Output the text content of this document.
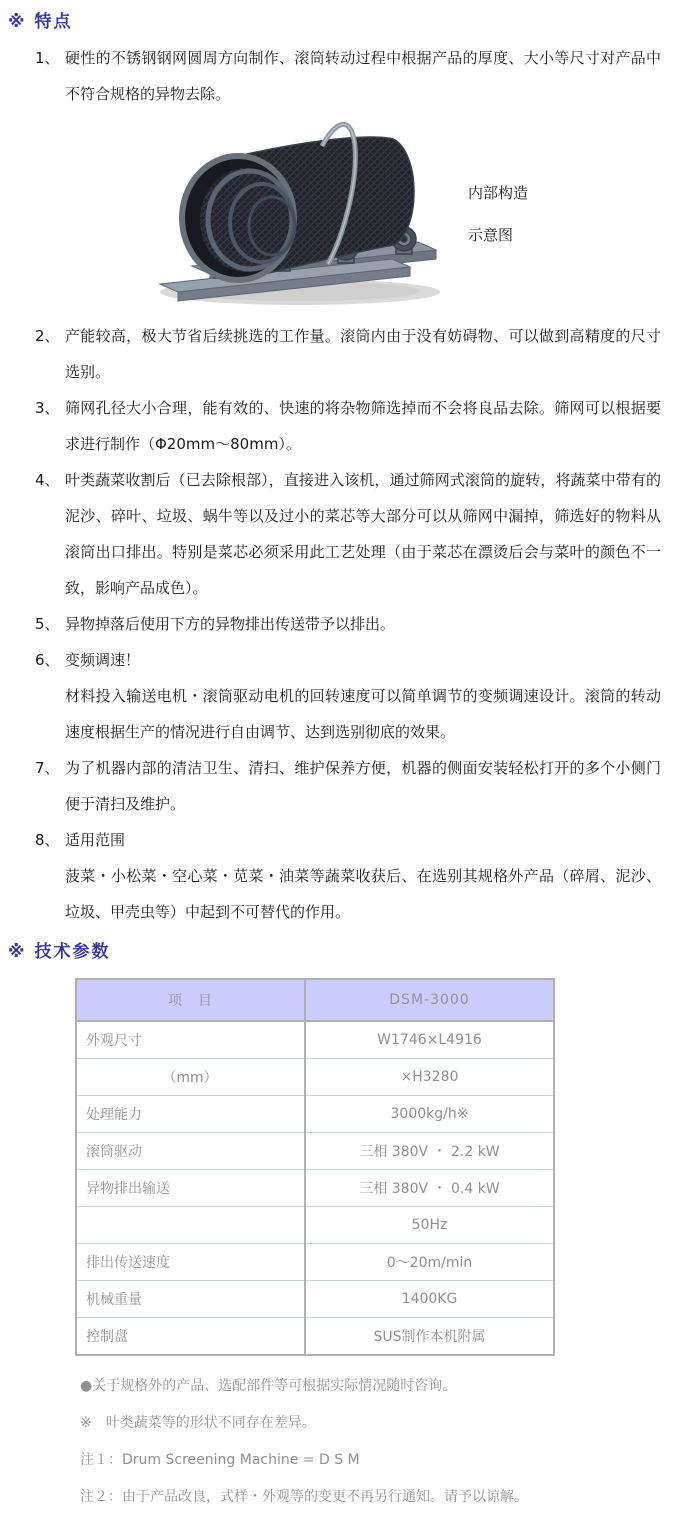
※ 特点
1、 硬性的不锈钢钢网圆周方向制作、滚筒转动过程中根据产品的厚度、大小等尺寸对产品中不符合规格的异物去除。
内部构造
示意图
2、 产能较高，极大节省后续挑选的工作量。滚筒内由于没有妨碍物、可以做到高精度的尺寸选别。
3、 筛网孔径大小合理，能有效的、快速的将杂物筛选掉而不会将良品去除。筛网可以根据要求进行制作（Φ20mm～80mm）。
4、 叶类蔬菜收割后（已去除根部），直接进入该机，通过筛网式滚筒的旋转，将蔬菜中带有的泥沙、碎叶、垃圾、蜗牛等以及过小的菜芯等大部分可以从筛网中漏掉，筛选好的物料从滚筒出口排出。特别是菜芯必须采用此工艺处理（由于菜芯在漂烫后会与菜叶的颜色不一致，影响产品成色）。
5、 异物掉落后使用下方的异物排出传送带予以排出。
6、 变频调速！
材料投入输送电机・滚筒驱动电机的回转速度可以简单调节的变频调速设计。滚筒的转动速度根据生产的情况进行自由调节、达到选别彻底的效果。
7、 为了机器内部的清洁卫生、清扫、维护保养方便，机器的侧面安装轻松打开的多个小侧门便于清扫及维护。
8、 适用范围
菠菜・小松菜・空心菜・苋菜・油菜等蔬菜收获后、在选别其规格外产品（碎屑、泥沙、垃圾、甲壳虫等）中起到不可替代的作用。
※ 技术参数
项　目	DSM-3000
外观尺寸	W1746×L4916
（mm）	×H3280
处理能力	3000kg/h※
滚筒驱动	三相 380V ・ 2.2 kW
异物排出输送	三相 380V ・ 0.4 kW
	50Hz
排出传送速度	0～20m/min
机械重量	1400KG
控制盘	SUS制作本机附属
●关于规格外的产品、选配部件等可根据实际情况随时咨询。
※　叶类蔬菜等的形状不同存在差异。
注１：Drum Screening Machine = D S M
注２：由于产品改良，式样・外观等的变更不再另行通知。请予以谅解。
